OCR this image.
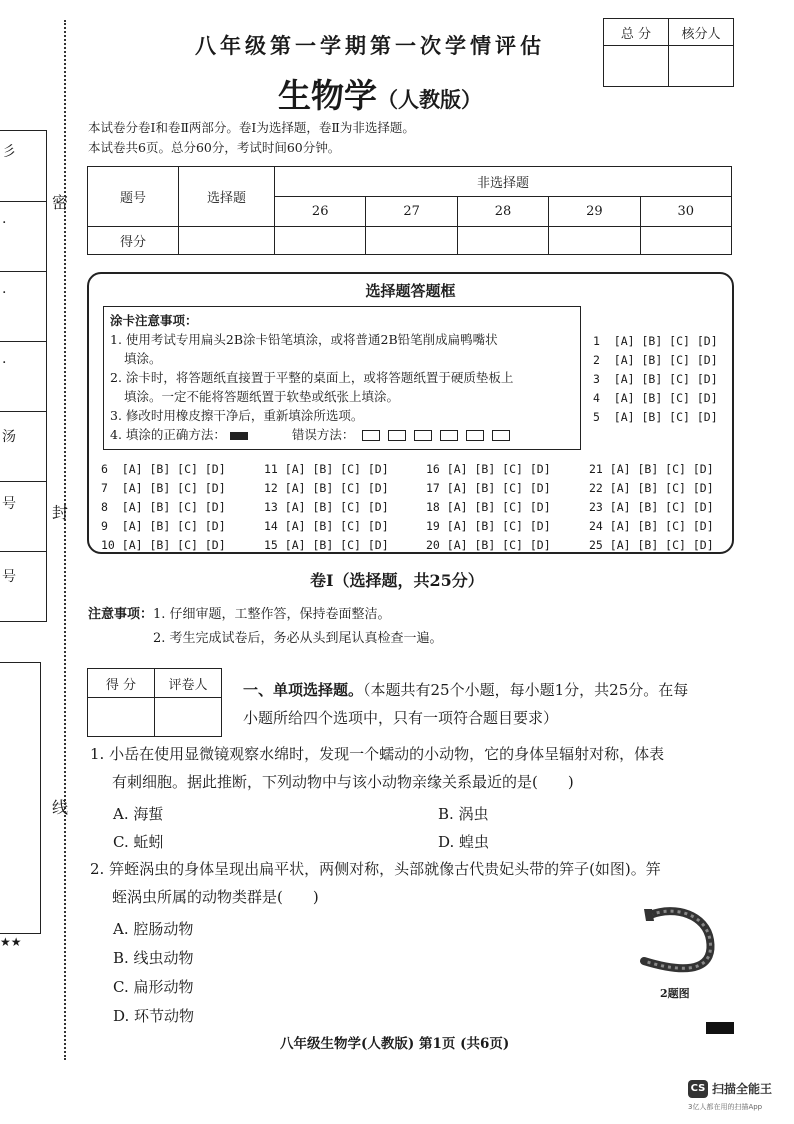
密
封
线
彡
.
.
.
汤
号
号
★★
八年级第一学期第一次学情评估
生物学（人教版）
总 分	核分人

本试卷分卷Ⅰ和卷Ⅱ两部分。卷Ⅰ为选择题，卷Ⅱ为非选择题。
本试卷共6页。总分60分，考试时间60分钟。
题号	选择题	非选择题				
		26	27	28	29	30
得分						
选择题答题框
涂卡注意事项：
1. 使用考试专用扁头2B涂卡铅笔填涂，或将普通2B铅笔削成扁鸭嘴状
填涂。
2. 涂卡时，将答题纸直接置于平整的桌面上，或将答题纸置于硬质垫板上
填涂。一定不能将答题纸置于软垫或纸张上填涂。
3. 修改时用橡皮擦干净后，重新填涂所选项。
4. 填涂的正确方法：	错误方法：
1 [A] [B] [C] [D]
2 [A] [B] [C] [D]
3 [A] [B] [C] [D]
4 [A] [B] [C] [D]
5 [A] [B] [C] [D]
6 [A] [B] [C] [D]
7 [A] [B] [C] [D]
8 [A] [B] [C] [D]
9 [A] [B] [C] [D]
10 [A] [B] [C] [D]
11 [A] [B] [C] [D]
12 [A] [B] [C] [D]
13 [A] [B] [C] [D]
14 [A] [B] [C] [D]
15 [A] [B] [C] [D]
16 [A] [B] [C] [D]
17 [A] [B] [C] [D]
18 [A] [B] [C] [D]
19 [A] [B] [C] [D]
20 [A] [B] [C] [D]
21 [A] [B] [C] [D]
22 [A] [B] [C] [D]
23 [A] [B] [C] [D]
24 [A] [B] [C] [D]
25 [A] [B] [C] [D]
卷Ⅰ（选择题，共25分）
注意事项：1. 仔细审题，工整作答，保持卷面整洁。
2. 考生完成试卷后，务必从头到尾认真检查一遍。
得 分	评卷人
	一、单项选择题。（本题共有25个小题，每小题1分，共25分。在每
小题所给四个选项中，只有一项符合题目要求）
1. 小岳在使用显微镜观察水绵时，发现一个蠕动的小动物，它的身体呈辐射对称，体表
有刺细胞。据此推断，下列动物中与该小动物亲缘关系最近的是(　　)
A. 海蜇	B. 涡虫
C. 蚯蚓	D. 蝗虫
2. 笄蛭涡虫的身体呈现出扁平状，两侧对称，头部就像古代贵妃头带的笄子(如图)。笄
蛭涡虫所属的动物类群是(　　)
A. 腔肠动物
B. 线虫动物
C. 扁形动物
D. 环节动物
2题图
八年级生物学(人教版) 第1页 (共6页)
CS 扫描全能王
3亿人都在用的扫描App
